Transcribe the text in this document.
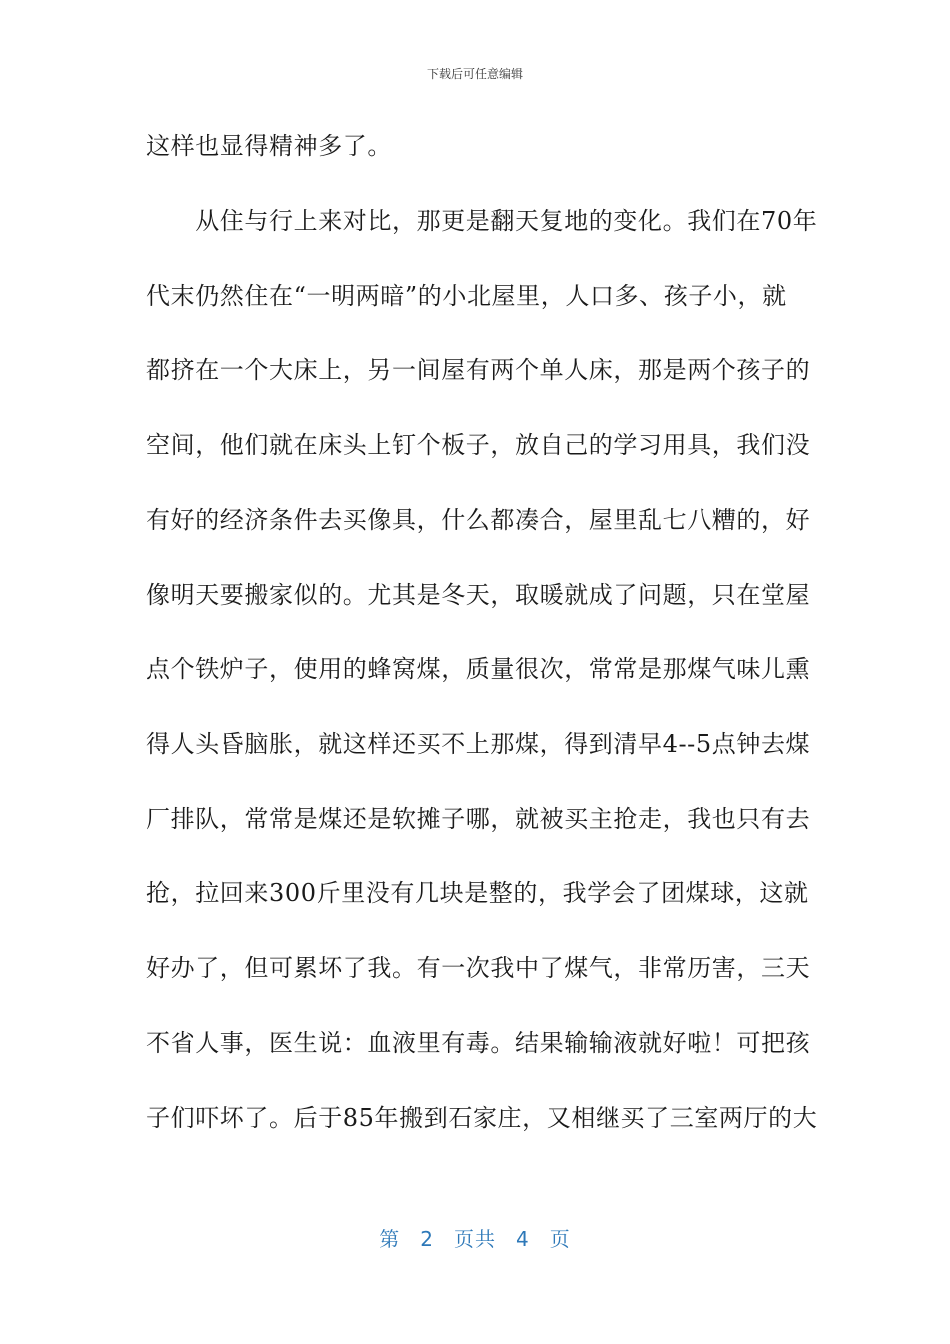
下载后可任意编辑
这样也显得精神多了。
　　从住与行上来对比，那更是翻天复地的变化。我们在70年
代末仍然住在“一明两暗”的小北屋里，人口多、孩子小，就
都挤在一个大床上，另一间屋有两个单人床，那是两个孩子的
空间，他们就在床头上钉个板子，放自己的学习用具，我们没
有好的经济条件去买像具，什么都凑合，屋里乱七八糟的，好
像明天要搬家似的。尤其是冬天，取暖就成了问题，只在堂屋
点个铁炉子，使用的蜂窝煤，质量很次，常常是那煤气味儿熏
得人头昏脑胀，就这样还买不上那煤，得到清早4--5点钟去煤
厂排队，常常是煤还是软摊子哪，就被买主抢走，我也只有去
抢，拉回来300斤里没有几块是整的，我学会了团煤球，这就
好办了，但可累坏了我。有一次我中了煤气，非常历害，三天
不省人事，医生说：血液里有毒。结果输输液就好啦！可把孩
子们吓坏了。后于85年搬到石家庄，又相继买了三室两厅的大
第 2 页共 4 页
